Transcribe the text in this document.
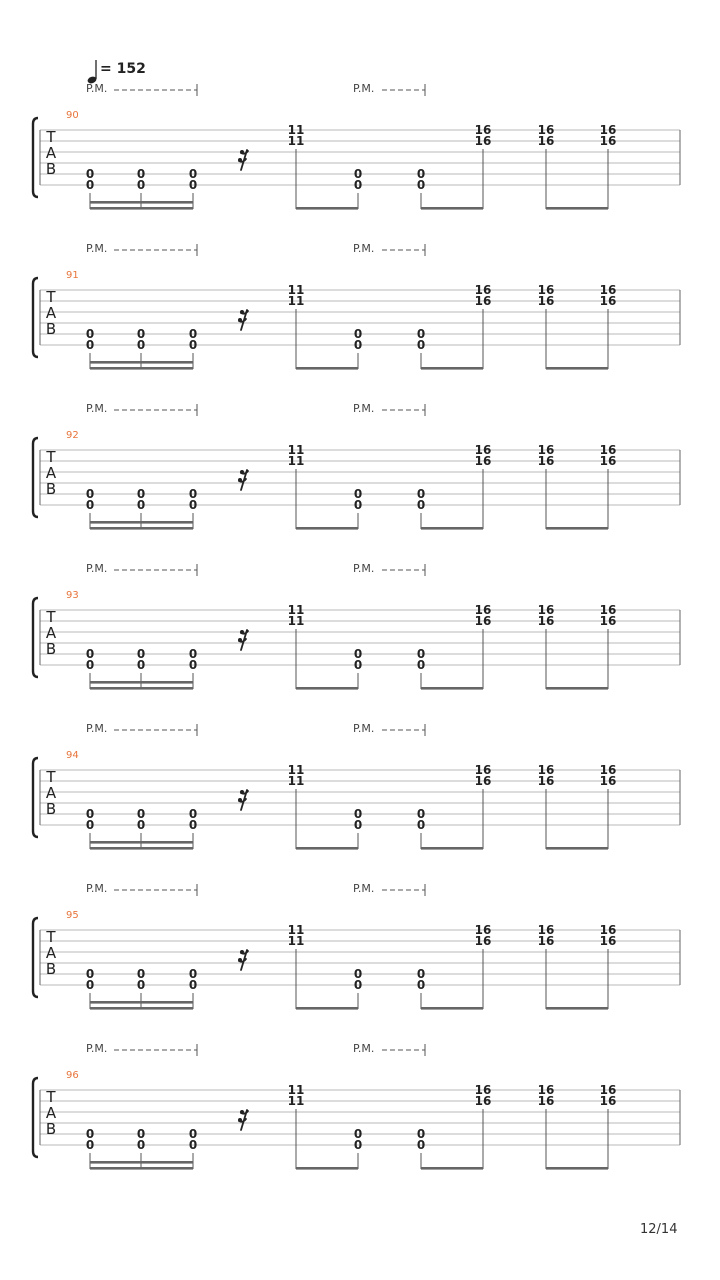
= 152
T
A
B
90
P.M.	P.M.
0
0
0
0
0
0
11
11
0
0
0
0
16
16
16
16
16
16
T
A
B
91
P.M.	P.M.
0
0
0
0
0
0
11
11
0
0
0
0
16
16
16
16
16
16
T
A
B
92
P.M.	P.M.
0
0
0
0
0
0
11
11
0
0
0
0
16
16
16
16
16
16
T
A
B
93
P.M.	P.M.
0
0
0
0
0
0
11
11
0
0
0
0
16
16
16
16
16
16
T
A
B
94
P.M.	P.M.
0
0
0
0
0
0
11
11
0
0
0
0
16
16
16
16
16
16
T
A
B
95
P.M.	P.M.
0
0
0
0
0
0
11
11
0
0
0
0
16
16
16
16
16
16
T
A
B
96
P.M.	P.M.
0
0
0
0
0
0
11
11
0
0
0
0
16
16
16
16
16
16
12/14
